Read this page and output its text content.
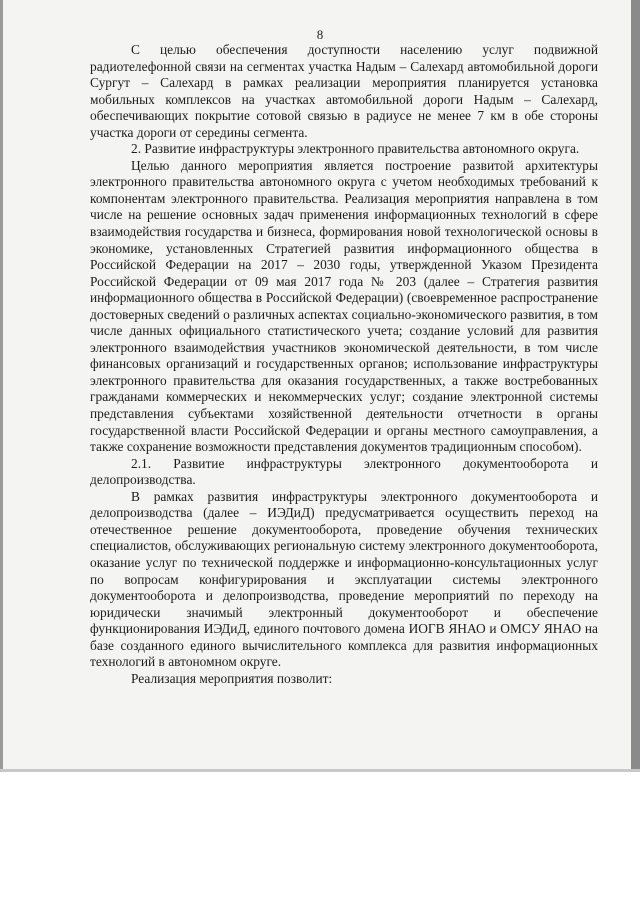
8

С целью обеспечения доступности населению услуг подвижной радиотелефонной связи на сегментах участка Надым – Салехард автомобильной дороги Сургут – Салехард в рамках реализации мероприятия планируется установка мобильных комплексов на участках автомобильной дороги Надым – Салехард, обеспечивающих покрытие сотовой связью в радиусе не менее 7 км в обе стороны участка дороги от середины сегмента.

2. Развитие инфраструктуры электронного правительства автономного округа.

Целью данного мероприятия является построение развитой архитектуры электронного правительства автономного округа с учетом необходимых требований к компонентам электронного правительства. Реализация мероприятия направлена в том числе на решение основных задач применения информационных технологий в сфере взаимодействия государства и бизнеса, формирования новой технологической основы в экономике, установленных Стратегией развития информационного общества в Российской Федерации на 2017 – 2030 годы, утвержденной Указом Президента Российской Федерации от 09 мая 2017 года № 203 (далее – Стратегия развития информационного общества в Российской Федерации) (своевременное распространение достоверных сведений о различных аспектах социально-экономического развития, в том числе данных официального статистического учета; создание условий для развития электронного взаимодействия участников экономической деятельности, в том числе финансовых организаций и государственных органов; использование инфраструктуры электронного правительства для оказания государственных, а также востребованных гражданами коммерческих и некоммерческих услуг; создание электронной системы представления субъектами хозяйственной деятельности отчетности в органы государственной власти Российской Федерации и органы местного самоуправления, а также сохранение возможности представления документов традиционным способом).

2.1. Развитие инфраструктуры электронного документооборота и делопроизводства.

В рамках развития инфраструктуры электронного документооборота и делопроизводства (далее – ИЭДиД) предусматривается осуществить переход на отечественное решение документооборота, проведение обучения технических специалистов, обслуживающих региональную систему электронного документооборота, оказание услуг по технической поддержке и информационно-консультационных услуг по вопросам конфигурирования и эксплуатации системы электронного документооборота и делопроизводства, проведение мероприятий по переходу на юридически значимый электронный документооборот и обеспечение функционирования ИЭДиД, единого почтового домена ИОГВ ЯНАО и ОМСУ ЯНАО на базе созданного единого вычислительного комплекса для развития информационных технологий в автономном округе.

Реализация мероприятия позволит:
